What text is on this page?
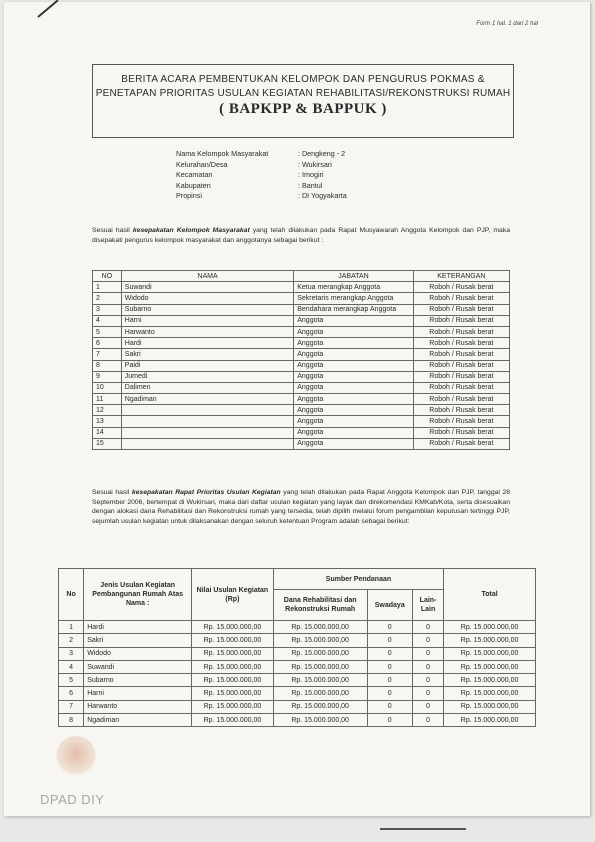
Form 1 hal. 1 dari 2 hal
BERITA ACARA PEMBENTUKAN KELOMPOK DAN PENGURUS POKMAS &
PENETAPAN PRIORITAS USULAN KEGIATAN REHABILITASI/REKONSTRUKSI RUMAH
( BAPKPP & BAPPUK )
Nama Kelompok Masyarakat	: Dengkeng - 2
Kelurahan/Desa	: Wukirsari
Kecamatan	: Imogiri
Kabupaten	: Bantul
Propinsi	: DI Yogyakarta
Sesuai hasil kesepakatan Kelompok Masyarakat yang telah dilakukan pada Rapat Musyawarah Anggota Kelompok dan PJP, maka disepakati pengurus kelompok masyarakat dan anggotanya sebagai berikut :
NO	NAMA	JABATAN	KETERANGAN
1	Suwandi	Ketua merangkap Anggota	Roboh / Rusak berat
2	Widodo	Sekretaris merangkap Anggota	Roboh / Rusak berat
3	Subarno	Bendahara merangkap Anggota	Roboh / Rusak berat
4	Harni	Anggota	Roboh / Rusak berat
5	Harwanto	Anggota	Roboh / Rusak berat
6	Hardi	Anggota	Roboh / Rusak berat
7	Sakri	Anggota	Roboh / Rusak berat
8	Paidi	Anggota	Roboh / Rusak berat
9	Jumedi	Anggota	Roboh / Rusak berat
10	Dalimen	Anggota	Roboh / Rusak berat
11	Ngadiman	Anggota	Roboh / Rusak berat
12		Anggota	Roboh / Rusak berat
13		Anggota	Roboh / Rusak berat
14		Anggota	Roboh / Rusak berat
15		Anggota	Roboh / Rusak berat
Sesuai hasil kesepakatan Rapat Prioritas Usulan Kegiatan yang telah dilakukan pada Rapat Anggota Kelompok dan PJP, tanggal 28 September 2006, bertempat di Wukirsari, maka dari daftar usulan kegiatan yang layak dan direkomendasi KMKab/Kota, serta disesuaikan dengan alokasi dana Rehabilitasi dan Rekonstruksi rumah yang tersedia, telah dipilih melalui forum pengambilan keputusan tertinggi PJP, sejumlah usulan kegiatan untuk dilaksanakan dengan seluruh ketentuan Program adalah sebagai berikut:
No	Jenis Usulan Kegiatan Pembangunan Rumah Atas Nama :	Nilai Usulan Kegiatan (Rp)	Sumber Pendanaan			Total
			Dana Rehabilitasi dan Rekonstruksi Rumah	Swadaya	Lain-Lain	
1	Hardi	Rp. 15.000.000,00	Rp. 15.000.000,00	0	0	Rp. 15.000.000,00
2	Sakri	Rp. 15.000.000,00	Rp. 15.000.000,00	0	0	Rp. 15.000.000,00
3	Widodo	Rp. 15.000.000,00	Rp. 15.000.000,00	0	0	Rp. 15.000.000,00
4	Suwandi	Rp. 15.000.000,00	Rp. 15.000.000,00	0	0	Rp. 15.000.000,00
5	Subarno	Rp. 15.000.000,00	Rp. 15.000.000,00	0	0	Rp. 15.000.000,00
6	Harni	Rp. 15.000.000,00	Rp. 15.000.000,00	0	0	Rp. 15.000.000,00
7	Harwanto	Rp. 15.000.000,00	Rp. 15.000.000,00	0	0	Rp. 15.000.000,00
8	Ngadiman	Rp. 15.000.000,00	Rp. 15.000.000,00	0	0	Rp. 15.000.000,00
DPAD DIY
